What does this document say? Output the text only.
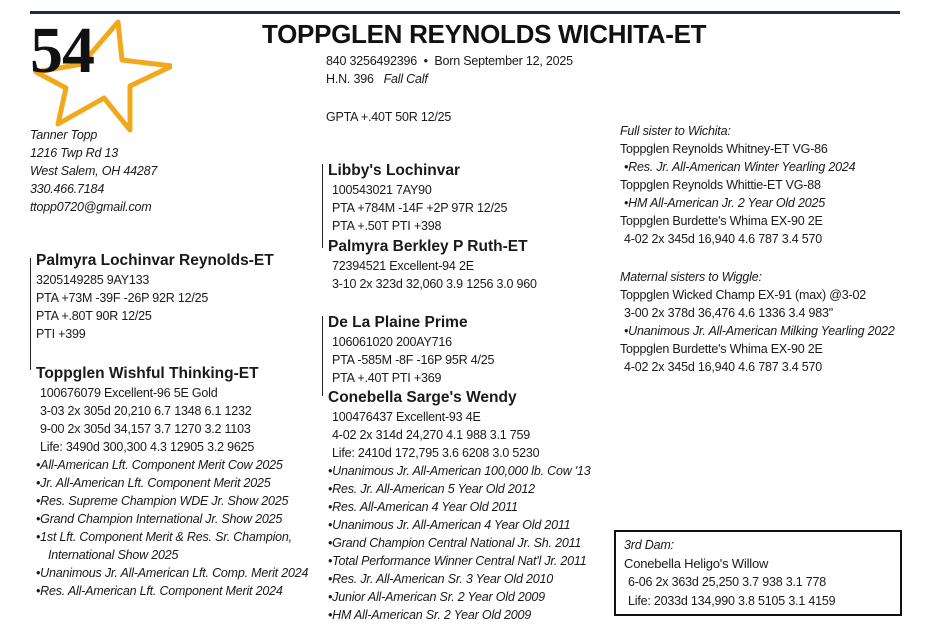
54	TOPPGLEN REYNOLDS WICHITA-ET
840 3256492396 • Born September 12, 2025
H.N. 396 Fall Calf
GPTA +.40T 50R 12/25
Tanner Topp
1216 Twp Rd 13
West Salem, OH 44287
330.466.7184
ttopp0720@gmail.com
Palmyra Lochinvar Reynolds-ET
3205149285 9AY133
PTA +73M -39F -26P 92R 12/25
PTA +.80T 90R 12/25
PTI +399
Toppglen Wishful Thinking-ET
100676079 Excellent-96 5E Gold
3-03 2x 305d 20,210 6.7 1348 6.1 1232
9-00 2x 305d 34,157 3.7 1270 3.2 1103
Life: 3490d 300,300 4.3 12905 3.2 9625
•All-American Lft. Component Merit Cow 2025
•Jr. All-American Lft. Component Merit 2025
•Res. Supreme Champion WDE Jr. Show 2025
•Grand Champion International Jr. Show 2025
•1st Lft. Component Merit & Res. Sr. Champion,
International Show 2025
•Unanimous Jr. All-American Lft. Comp. Merit 2024
•Res. All-American Lft. Component Merit 2024
Libby's Lochinvar
100543021 7AY90
PTA +784M -14F +2P 97R 12/25
PTA +.50T PTI +398
Palmyra Berkley P Ruth-ET
72394521 Excellent-94 2E
3-10 2x 323d 32,060 3.9 1256 3.0 960
De La Plaine Prime
106061020 200AY716
PTA -585M -8F -16P 95R 4/25
PTA +.40T PTI +369
Conebella Sarge's Wendy
100476437 Excellent-93 4E
4-02 2x 314d 24,270 4.1 988 3.1 759
Life: 2410d 172,795 3.6 6208 3.0 5230
•Unanimous Jr. All-American 100,000 lb. Cow '13
•Res. Jr. All-American 5 Year Old 2012
•Res. All-American 4 Year Old 2011
•Unanimous Jr. All-American 4 Year Old 2011
•Grand Champion Central National Jr. Sh. 2011
•Total Performance Winner Central Nat'l Jr. 2011
•Res. Jr. All-American Sr. 3 Year Old 2010
•Junior All-American Sr. 2 Year Old 2009
•HM All-American Sr. 2 Year Old 2009
Full sister to Wichita:
Toppglen Reynolds Whitney-ET VG-86
•Res. Jr. All-American Winter Yearling 2024
Toppglen Reynolds Whittie-ET VG-88
•HM All-American Jr. 2 Year Old 2025
Toppglen Burdette's Whima EX-90 2E
4-02 2x 345d 16,940 4.6 787 3.4 570
Maternal sisters to Wiggle:
Toppglen Wicked Champ EX-91 (max) @3-02
3-00 2x 378d 36,476 4.6 1336 3.4 983"
•Unanimous Jr. All-American Milking Yearling 2022
Toppglen Burdette's Whima EX-90 2E
4-02 2x 345d 16,940 4.6 787 3.4 570
3rd Dam:
Conebella Heligo's Willow
6-06 2x 363d 25,250 3.7 938 3.1 778
Life: 2033d 134,990 3.8 5105 3.1 4159
